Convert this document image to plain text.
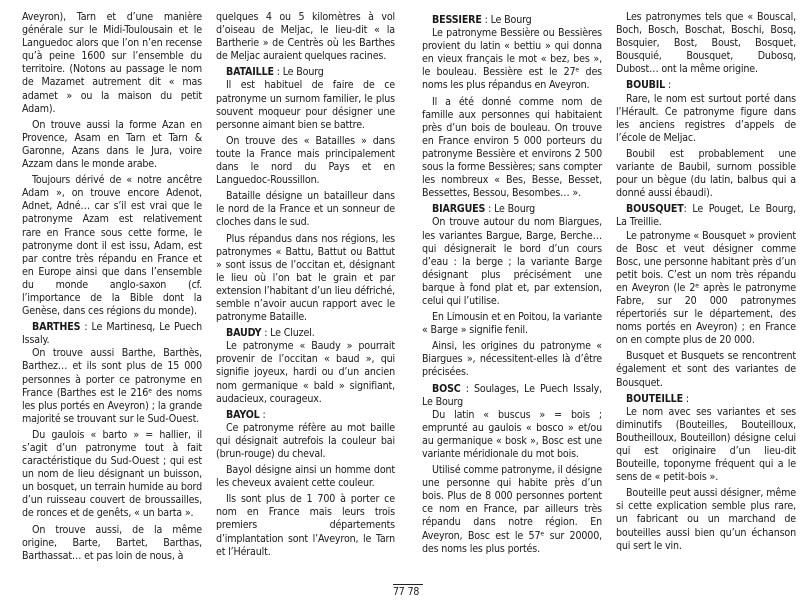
Aveyron), Tarn et d’une manière générale sur le Midi-Toulousain et le Languedoc alors que l’on n’en recense qu’à peine 1600 sur l’ensemble du territoire. (Notons au passage le nom de Mazamet autrement dit « mas adamet » ou la maison du petit Adam).

On trouve aussi la forme Azan en Provence, Asam en Tarn et Tarn & Garonne, Azans dans le Jura, voire Azzam dans le monde arabe.

Toujours dérivé de « notre ancêtre Adam », on trouve encore Adenot, Adnet, Adné… car s’il est vrai que le patronyme Azam est relativement rare en France sous cette forme, le patronyme dont il est issu, Adam, est par contre très répandu en France et en Europe ainsi que dans l’ensemble du monde anglo-saxon (cf. l’importance de la Bible dont la Genèse, dans ces régions du monde).

BARTHES : Le Martinesq, Le Puech Issaly.

On trouve aussi Barthe, Barthès, Barthez… et ils sont plus de 15 000 personnes à porter ce patronyme en France (Barthes est le 216ᵉ des noms les plus portés en Aveyron) ; la grande majorité se trouvant sur le Sud-Ouest.

Du gaulois « barto » = hallier, il s’agit d’un patronyme tout à fait caractéristique du Sud-Ouest ; qui est un nom de lieu désignant un buisson, un bosquet, un terrain humide au bord d’un ruisseau couvert de broussailles, de ronces et de genêts, « un barta ».

On trouve aussi, de la même origine, Barte, Bartet, Barthas, Barthassat… et pas loin de nous, à

quelques 4 ou 5 kilomètres à vol d’oiseau de Meljac, le lieu-dit « la Bartherie » de Centrès où les Barthes de Meljac auraient quelques racines.

BATAILLE : Le Bourg

Il est habituel de faire de ce patronyme un surnom familier, le plus souvent moqueur pour désigner une personne aimant bien se battre.

On trouve des « Batailles » dans toute la France mais principalement dans le nord du Pays et en Languedoc-Roussillon.

Bataille désigne un batailleur dans le nord de la France et un sonneur de cloches dans le sud.

Plus répandus dans nos régions, les patronymes « Battu, Battut ou Battut » sont issus de l’occitan et, désignant le lieu où l’on bat le grain et par extension l’habitant d’un lieu défriché, semble n’avoir aucun rapport avec le patronyme Bataille.

BAUDY : Le Cluzel.

Le patronyme « Baudy » pourrait provenir de l’occitan « baud », qui signifie joyeux, hardi ou d’un ancien nom germanique « bald » signifiant, audacieux, courageux.

BAYOL :

Ce patronyme réfère au mot baille qui désignait autrefois la couleur bai (brun-rouge) du cheval.

Bayol désigne ainsi un homme dont les cheveux avaient cette couleur.

Ils sont plus de 1 700 à porter ce nom en France mais leurs trois premiers départements d’implantation sont l’Aveyron, le Tarn et l’Hérault.

BESSIERE : Le Bourg

Le patronyme Bessière ou Bessières provient du latin « bettiu » qui donna en vieux français le mot « bez, bes », le bouleau. Bessière est le 27ᵉ des noms les plus répandus en Aveyron.

Il a été donné comme nom de famille aux personnes qui habitaient près d’un bois de bouleau. On trouve en France environ 5 000 porteurs du patronyme Bessière et environs 2 500 sous la forme Bessières; sans compter les nombreux « Bes, Besse, Besset, Bessettes, Bessou, Besombes… ».

BIARGUES : Le Bourg

On trouve autour du nom Biargues, les variantes Bargue, Barge, Berche… qui désignerait le bord d’un cours d’eau : la berge ; la variante Barge désignant plus précisément une barque à fond plat et, par extension, celui qui l’utilise.

En Limousin et en Poitou, la variante « Barge » signifie fenil.

Ainsi, les origines du patronyme « Biargues », nécessitent-elles là d’être précisées.

BOSC : Soulages, Le Puech Issaly, Le Bourg

Du latin « buscus » = bois ; emprunté au gaulois « bosco » et/ou au germanique « bosk », Bosc est une variante méridionale du mot bois.

Utilisé comme patronyme, il désigne une personne qui habite près d’un bois. Plus de 8 000 personnes portent ce nom en France, par ailleurs très répandu dans notre région. En Aveyron, Bosc est le 57ᵉ sur 20000, des noms les plus portés.

Les patronymes tels que « Bouscal, Boch, Bosch, Boschat, Boschi, Bosq, Bosquier, Bost, Boust, Bosquet, Bousquié, Bousquet, Dubosq, Dubost… ont la même origine.

BOUBIL :

Rare, le nom est surtout porté dans l’Hérault. Ce patronyme figure dans les anciens registres d’appels de l’école de Meljac.

Boubil est probablement une variante de Baubil, surnom possible pour un bègue (du latin, balbus qui a donné aussi ébaudi).

BOUSQUET: Le Pouget, Le Bourg, La Treillie.

Le patronyme « Bousquet » provient de Bosc et veut désigner comme Bosc, une personne habitant près d’un petit bois. C’est un nom très répandu en Aveyron (le 2ᵉ après le patronyme Fabre, sur 20 000 patronymes répertoriés sur le département, des noms portés en Aveyron) ; en France on en compte plus de 20 000.

Busquet et Busquets se rencontrent également et sont des variantes de Bousquet.

BOUTEILLE :

Le nom avec ses variantes et ses diminutifs (Bouteilles, Bouteilloux, Boutheilloux, Bouteillon) désigne celui qui est originaire d’un lieu-dit Bouteille, toponyme fréquent qui a le sens de « petit-bois ».

Bouteille peut aussi désigner, même si cette explication semble plus rare, un fabricant ou un marchand de bouteilles aussi bien qu’un échanson qui sert le vin.

77 78
